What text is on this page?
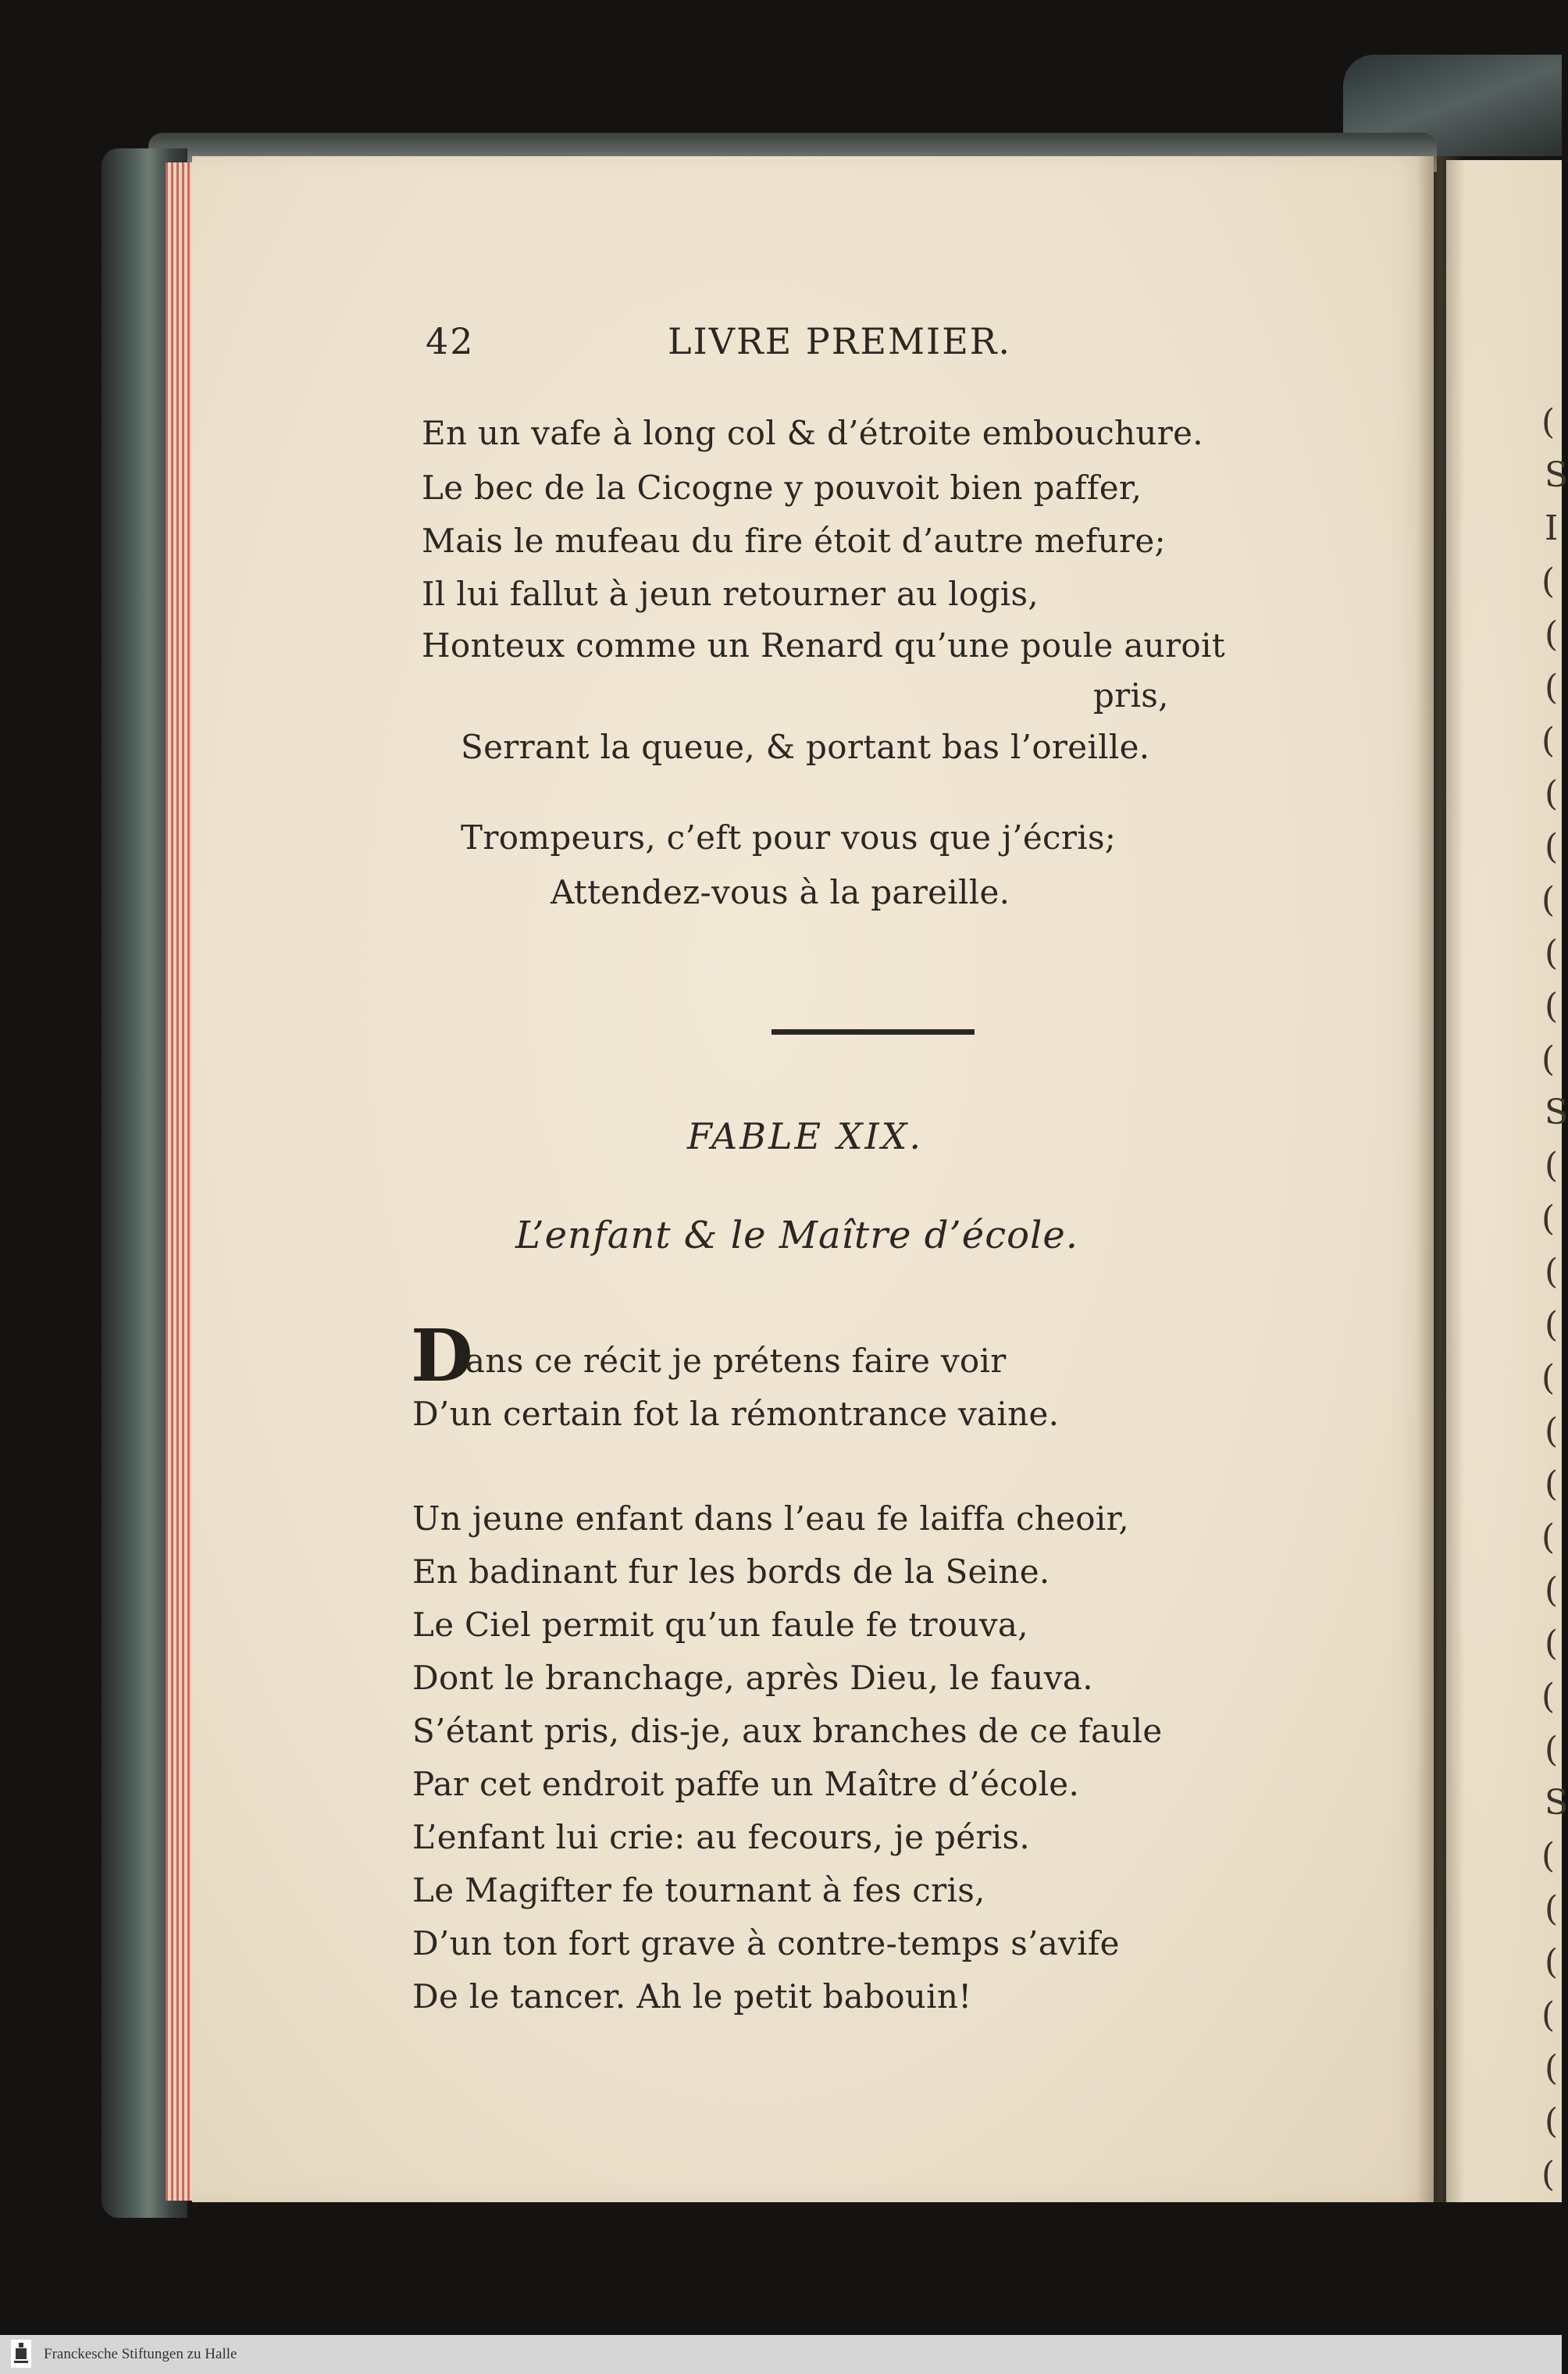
(
S
I
(
(
(
(
(
(
(
(
(
(
S
(
(
(
(
(
(
(
(
(
(
(
(
S
(
(
(
(
(
(
(
42	LIVRE PREMIER.
En un vafe à long col & d’étroite embouchure.
Le bec de la Cicogne y pouvoit bien paffer,
Mais le mufeau du fire étoit d’autre mefure;
Il lui fallut à jeun retourner au logis,
Honteux comme un Renard qu’une poule auroit
pris,
Serrant la queue, & portant bas l’oreille.
Trompeurs, c’eft pour vous que j’écris;
Attendez-vous à la pareille.
FABLE XIX.
L’enfant & le Maître d’école.
D
ans ce récit je prétens faire voir
D’un certain fot la rémontrance vaine.
Un jeune enfant dans l’eau fe laiffa cheoir,
En badinant fur les bords de la Seine.
Le Ciel permit qu’un faule fe trouva,
Dont le branchage, après Dieu, le fauva.
S’étant pris, dis-je, aux branches de ce faule
Par cet endroit paffe un Maître d’école.
L’enfant lui crie: au fecours, je péris.
Le Magifter fe tournant à fes cris,
D’un ton fort grave à contre-temps s’avife
De le tancer. Ah le petit babouin!
Franckesche Stiftungen zu Halle
